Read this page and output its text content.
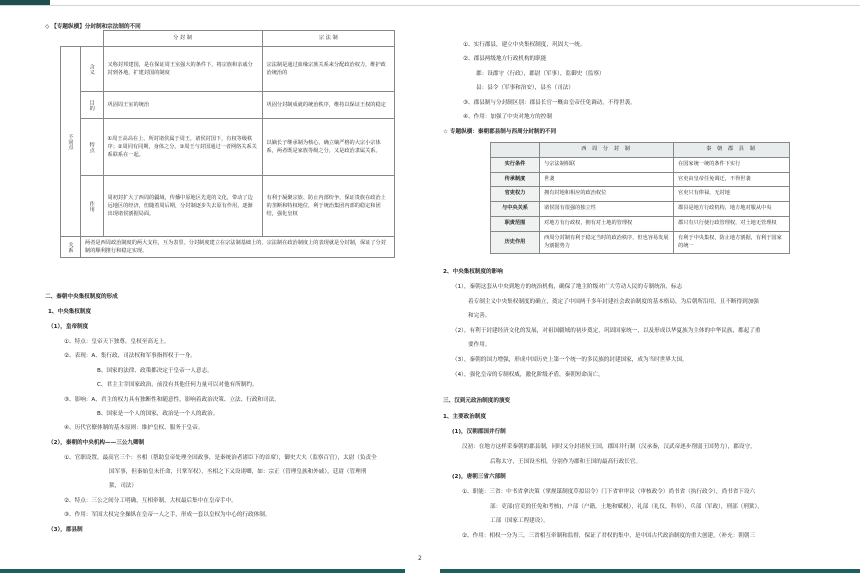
◇ 【专题纵横】分封制和宗法制的不同
		分 封 制	宗 法 制
不同点	含义	又称封邦建国，是在保证周王室强大的条件下，将宗族和亲戚分封到各地，扩建封国的制度	宗法制是通过血缘宗族关系来分配政治权力，维护政治统治的
	目的	巩固周王室的统治	巩固分封制成就的统治秩序，维持以保证王权的稳定
	特点	①周王高高在上，所封诸侯属于周王，诸侯封国下，有权等级秩序；②周同有同期，身体之分。③周王与封国通过一者网络关系关系联系在一起。	以嫡长子继承制为核心，确立嫡严格的大宗小宗体系，两者既是家族等级之分，又是政治隶属关系。
	作用	周初封扩大了西周的疆域，传播中原地区先进的文化，带动了边远地区的经济，但随着周后期，分封制逐步失去原有作用，逐渐出现诸侯割据局面。	有利于凝聚宗族、防止内部纷争，保证贵族在政治上的垄断和特权地位，利于统治集团内部的稳定和团结，强化皇权
关系	两者是西周政治制度的两大支柱，互为表里。分封制度建立在宗法制基础上的，宗法制在政治制度上的表现就是分封制，保证了分封制的顺利推行和稳定实现。		
二、秦朝中央集权制度的形成
1、中央集权制度
（1），皇帝制度
①、特点：皇帝天下独尊，皇权至高无上。
②、表现：A、集行政、司法权和军事指挥权于一身。
B、国家的法律、政策都决定于皇帝一人意志。
C、君主主宰国家政治，前没有其他任何力量可以对他有所制约。
③、影响：A、君主的权力具有独断性和随意性，影响着政治决策、立法、行政和司法。
B、国家是一个人的国家，政治是一个人的政治。
④、历代官僚体制的基本原则：维护皇权、服务于皇帝。
（2），秦朝的中央机构——三公九卿制
①、官职设置，最高官三个：丞相（帮助皇帝处理全国政事，是秦统治者诸臣下的首席），御史大夫（监察百官），太尉（负责全
国军事，但秦始皇未任命，只掌军权），丞相之下又设诸卿，如：宗正（管理皇族和外戚），廷尉（管理刑
狱，司法）
②、特点：三公之间分工明确，互相牵制，大权最后集中在皇帝手中。
③、作用：军国大权完全操纵在皇帝一人之手，形成一套以皇权为中心的行政体制。
（3），郡县制
①、实行郡县，建立中央集权制度，巩固大一统。
②、郡县两级地方行政机构的职能
郡：设郡守（行政），郡尉（军事），监御史（监察）
县：县令（军事和治安），县丞（司法）
③、郡县制与分封制区别：郡县长官一概由皇帝任免调动，不得世袭。
④、作用：加强了中央对地方的控制
☆ 专题纵横：秦朝郡县制与西周分封制的不同
	西 周 分 封 制	秦 朝 郡 县 制
实行条件	与宗法制相联	在国家统一统的条件下实行
传承制度	世袭	官吏由皇帝任免调迁，不得世袭
官吏权力	拥有封地和相应的政治权位	官吏只有俸禄，无封地
与中央关系	诸侯国有很强的独立性	郡县是地方行政机构，地方地对服从中央
职责范围	对地方有行政权，拥有对土地的管理权	郡只有只行使行政管理权，对土地无管理权
历史作用	西周分封制有利于稳定当时的政治秩序，但也容易发展为割据势力	有利于中央集权，防止地方割据，有利于国家的统一
2、中央集权制度的影响
（1），秦朝这套从中央到地方的统治机构，确保了地主阶级对广大劳动人民的专制统治，标志
着专制主义中央集权制度的确立，奠定了中国两千多年封建社会政治制度的基本格局，为后朝所沿用，且不断得到加强
和完善。
（2），有利于封建经济文化的发展，对祖国疆域的初步奠定，巩固国家统一，以及形成以华夏族为主体的中华民族，都起了重
要作用。
（3），秦朝的国力增强，形成中国历史上第一个统一的多民族的封建国家，成为当时世界大国。
（4），强化皇帝的专制权威，激化阶级矛盾，秦朝短命而亡。
三、汉到元政治制度的演变
1、主要政治制度
(1)，汉朝郡国并行制
汉初：在地方这样采秦朝的郡县制，同时又分封诸侯王国，郡国并行制（汉承秦，汉武帝逐步削弱王国势力），郡设守，
后称太守，王国设丞相，分别作为郡和王国的最高行政长官。
(2)，唐朝三省六部制
①、职能：三省：中书省拿决策（掌规谋制度草拟诏令）门下省审审议（审核政令）尚书省（执行政令），尚书省下设六
部：吏部(官吏的任免和考核)，户部（户籍，土地和赋税），礼部（礼仪，科举），兵部（军政），刑部（刑狱），
工部（国家工程建设）。
②、作用：相权一分为三，三省相互牵制和监督，保证了君权的集中，是中国古代政治制度的重大创建，（补充：朝朝三
2
